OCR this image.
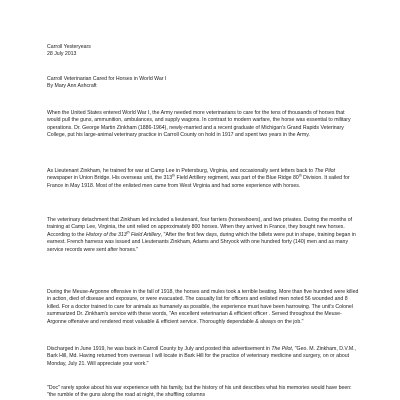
Carroll Yesteryears
28 July 2013
Carroll Veterinarian Cared for Horses in World War I
By Mary Ann Ashcraft

When the United States entered World War I, the Army needed more veterinarians to care for the tens of thousands of horses that would pull the guns, ammunition, ambulances, and supply wagons. In contrast to modern warfare, the horse was essential to military operations. Dr. George Martin Zinkham (1886-1964), newly-married and a recent graduate of Michigan's Grand Rapids Veterinary College, put his large-animal veterinary practice in Carroll County on hold in 1917 and spent two years in the Army.

As Lieutenant Zinkham, he trained for war at Camp Lee in Petersburg, Virginia, and occasionally sent letters back to The Pilot newspaper in Union Bridge. His overseas unit, the 313th Field Artillery regiment, was part of the Blue Ridge 80th Division. It sailed for France in May 1918. Most of the enlisted men came from West Virginia and had some experience with horses.

The veterinary detachment that Zinkham led included a lieutenant, four farriers (horseshoers), and two privates. During the months of training at Camp Lee, Virginia, the unit relied on approximately 800 horses. When they arrived in France, they bought new horses. According to the History of the 313th Field Artillery, "After the first few days, during which the billets were put in shape, training began in earnest. French harness was issued and Lieutenants Zinkham, Adams and Shryock with one hundred forty (140) men and as many service records were sent after horses."

During the Meuse-Argonne offensive in the fall of 1918, the horses and mules took a terrible beating. More than five hundred were killed in action, died of disease and exposure, or were evacuated. The casualty list for officers and enlisted men noted 56 wounded and 8 killed. For a doctor trained to care for animals as humanely as possible, the experience must have been harrowing. The unit's Colonel summarized Dr. Zinkham's service with these words, "An excellent veterinarian & efficient officer . Served throughout the Meuse-Argonne offensive and rendered most valuable & efficient service. Thoroughly dependable & always on the job."

Discharged in June 1919, he was back in Carroll County by July and posted this advertisement in The Pilot, "Geo. M. Zinkham, D.V.M., Bark Hill, Md. Having returned from overseas I will locate in Bark Hill for the practice of veterinary medicine and surgery, on or about Monday, July 21. Will appreciate your work."

"Doc" rarely spoke about his war experience with his family, but the history of his unit describes what his memories would have been: "the rumble of the guns along the road at night, the shuffling columns
